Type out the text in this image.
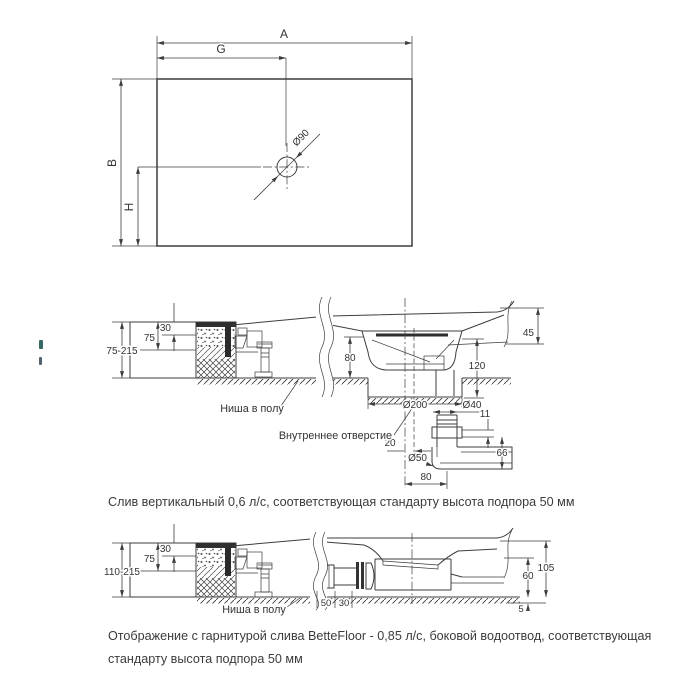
A
G
B
H
Ø90
75-215
75
30
80
120
45
Ø200
20
Ø40
11
66
Ø50
80
Ниша в полу
Внутреннее отверстие
110-215
75
30
50 30
105
60
5
Ниша в полу

Слив вертикальный 0,6 л/с, соответствующая стандарту высота подпора 50 мм

Отображение с гарнитурой слива BetteFloor - 0,85 л/с, боковой водоотвод, соответствующая стандарту высота подпора 50 мм
